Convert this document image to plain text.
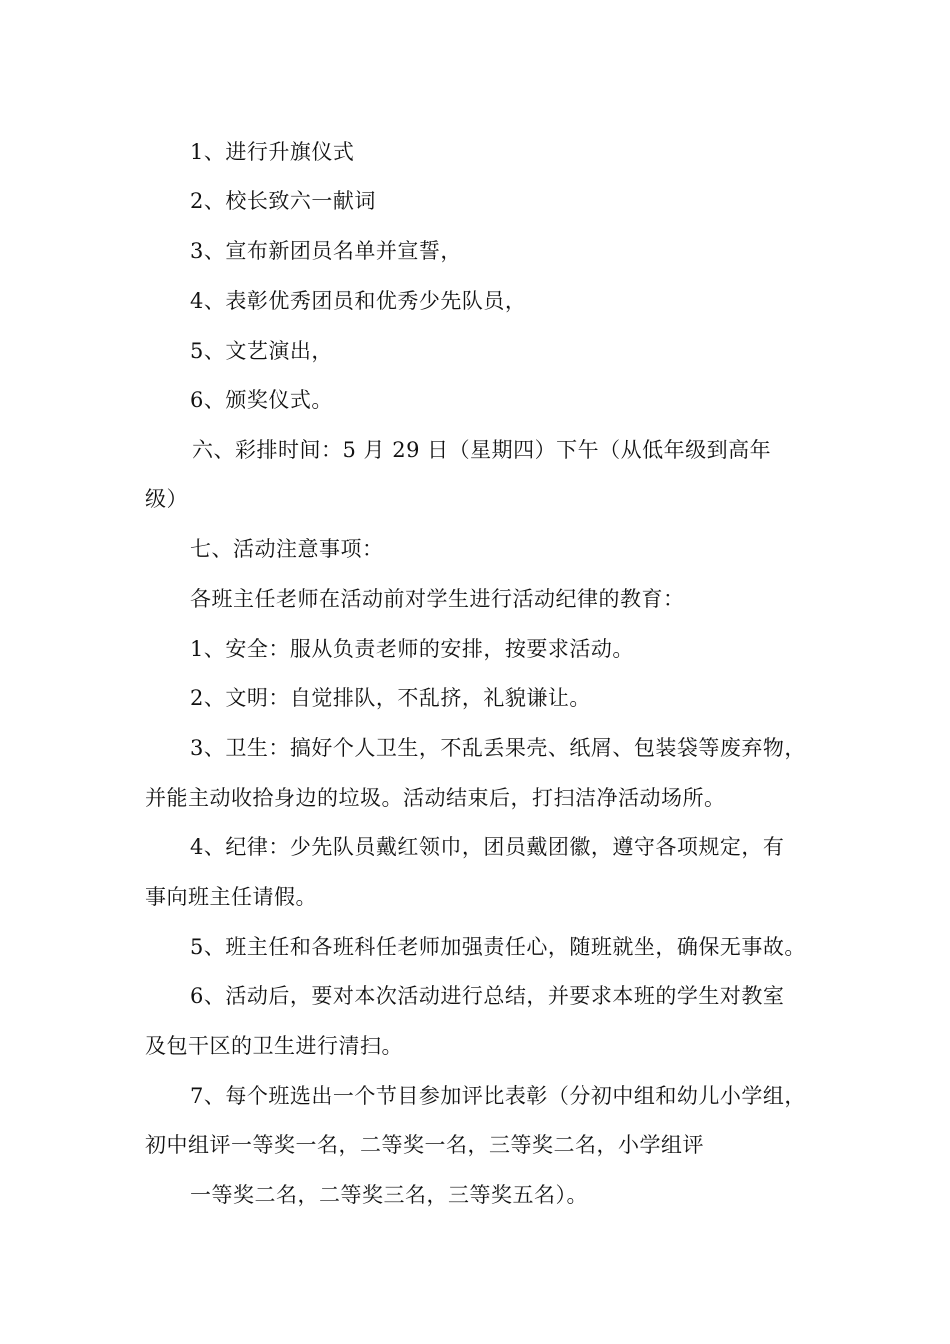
1、进行升旗仪式
2、校长致六一献词
3、宣布新团员名单并宣誓，
4、表彰优秀团员和优秀少先队员，
5、文艺演出，
6、颁奖仪式。
六、彩排时间：5 月 29 日（星期四）下午（从低年级到高年
级）
七、活动注意事项：
各班主任老师在活动前对学生进行活动纪律的教育：
1、安全：服从负责老师的安排，按要求活动。
2、文明：自觉排队，不乱挤，礼貌谦让。
3、卫生：搞好个人卫生，不乱丢果壳、纸屑、包装袋等废弃物，
并能主动收拾身边的垃圾。活动结束后，打扫洁净活动场所。
4、纪律：少先队员戴红领巾，团员戴团徽，遵守各项规定，有
事向班主任请假。
5、班主任和各班科任老师加强责任心，随班就坐，确保无事故。
6、活动后，要对本次活动进行总结，并要求本班的学生对教室
及包干区的卫生进行清扫。
7、每个班选出一个节目参加评比表彰（分初中组和幼儿小学组，
初中组评一等奖一名，二等奖一名，三等奖二名，小学组评
一等奖二名，二等奖三名，三等奖五名）。
